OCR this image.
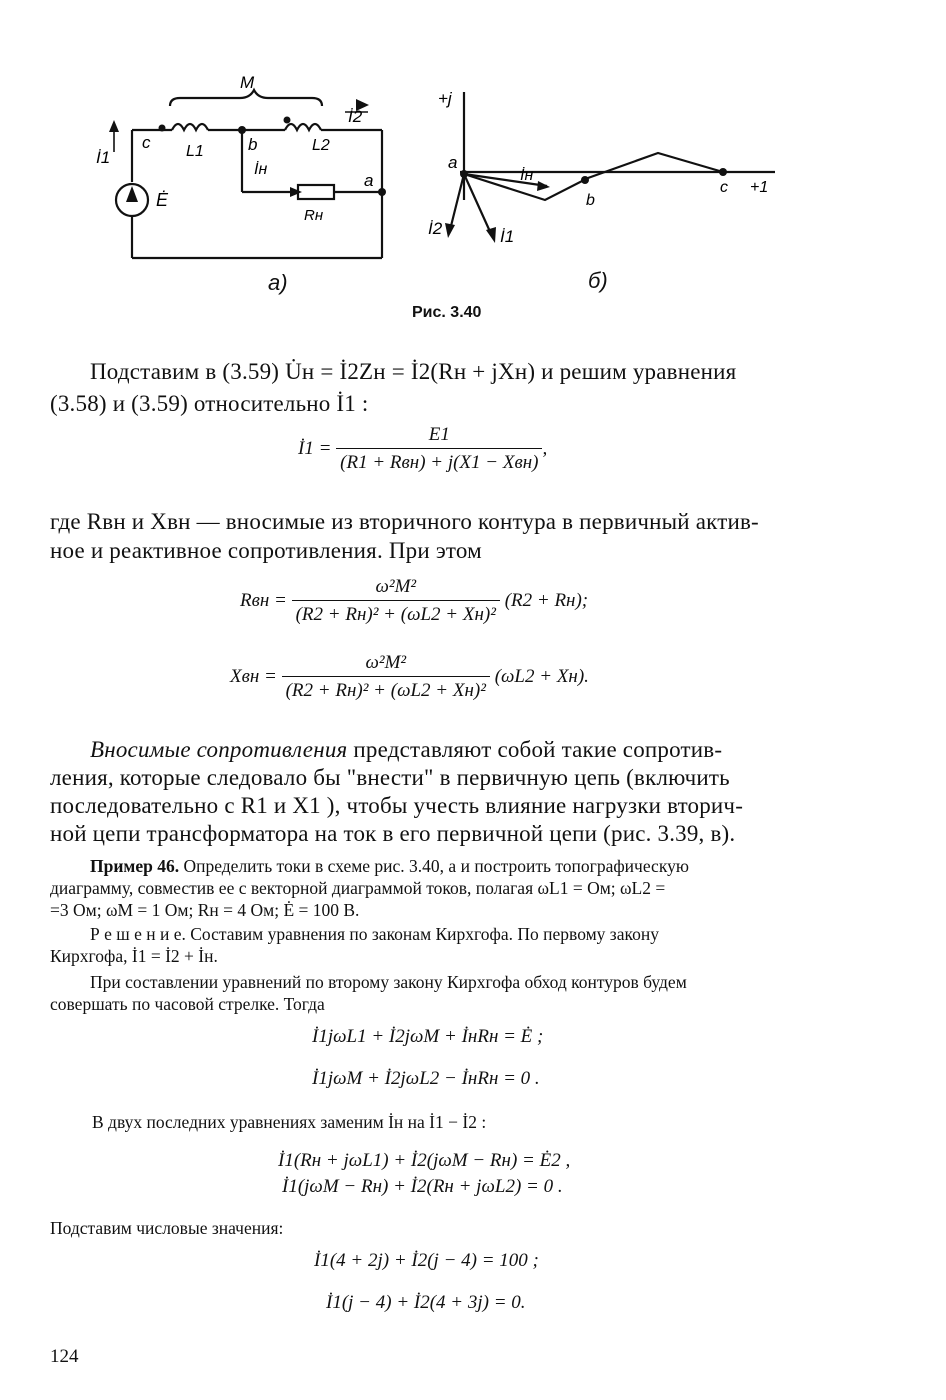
M
İ2
İ1
Ė
c L1	b	L2
İн
a
Rн
+j
+1
a
b
c
İн
İ2	İ1
а)	б)
Рис. 3.40
Подставим в (3.59) U̇н = İ2Zн = İ2(Rн + jXн) и решим уравнения
(3.58) и (3.59) относительно İ1 :
İ1 = $\frac{E1}{\text{(R1 + Rвн) + j(X1 − Xвн)}}$ ,
где Rвн и Xвн — вносимые из вторичного контура в первичный актив-
ное и реактивное сопротивления. При этом
Rвн = $\frac{\text{ω²M²}}{\text{(R2 + Rн)² + (ωL2 + Xн)²}} (R2 + Rн)$;
Xвн = $\frac{\text{ω²M²}}{\text{(R2 + Rн)² + (ωL2 + Xн)²}} (\omega L2 + Xн)$.
Вносимые сопротивления представляют собой такие сопротив-
ления, которые следовало бы "внести" в первичную цепь (включить
последовательно с R1 и X1 ), чтобы учесть влияние нагрузки вторич-
ной цепи трансформатора на ток в его первичной цепи (рис. 3.39, в).
Пример 46. Определить токи в схеме рис. 3.40, а и построить топографическую
диаграмму, совместив ее с векторной диаграммой токов, полагая ωL1 = Ом; ωL2 =
=3 Ом; ωM = 1 Ом; Rн = 4 Ом; Ė = 100 В.
Р е ш е н и е. Составим уравнения по законам Кирхгофа. По первому закону
Кирхгофа, İ1 = İ2 + İн.
При составлении уравнений по второму закону Кирхгофа обход контуров будем
совершать по часовой стрелке. Тогда
İ1jωL1 + İ2jωM + İнRн = Ė ;
İ1jωM + İ2jωL2 − İнRн = 0 .
В двух последних уравнениях заменим İн на İ1 − İ2 :
İ1(Rн + jωL1) + İ2(jωM − Rн) = Ė2 ,
İ1(jωM − Rн) + İ2(Rн + jωL2) = 0 .
Подставим числовые значения:
İ1(4 + 2j) + İ2(j − 4) = 100 ;
İ1(j − 4) + İ2(4 + 3j) = 0.
124
